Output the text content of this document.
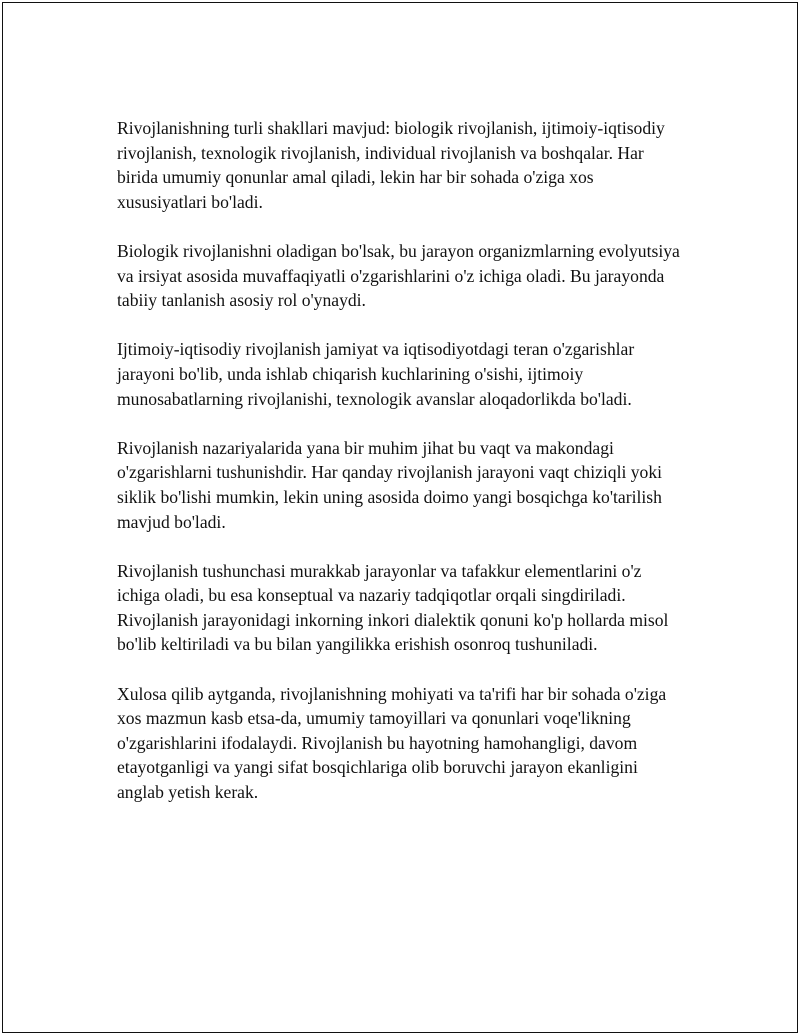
Rivojlanishning turli shakllari mavjud: biologik rivojlanish, ijtimoiy-iqtisodiy rivojlanish, texnologik rivojlanish, individual rivojlanish va boshqalar. Har birida umumiy qonunlar amal qiladi, lekin har bir sohada o'ziga xos xususiyatlari bo'ladi.

Biologik rivojlanishni oladigan bo'lsak, bu jarayon organizmlarning evolyutsiya va irsiyat asosida muvaffaqiyatli o'zgarishlarini o'z ichiga oladi. Bu jarayonda tabiiy tanlanish asosiy rol o'ynaydi.

Ijtimoiy-iqtisodiy rivojlanish jamiyat va iqtisodiyotdagi teran o'zgarishlar jarayoni bo'lib, unda ishlab chiqarish kuchlarining o'sishi, ijtimoiy munosabatlarning rivojlanishi, texnologik avanslar aloqadorlikda bo'ladi.

Rivojlanish nazariyalarida yana bir muhim jihat bu vaqt va makondagi o'zgarishlarni tushunishdir. Har qanday rivojlanish jarayoni vaqt chiziqli yoki siklik bo'lishi mumkin, lekin uning asosida doimo yangi bosqichga ko'tarilish mavjud bo'ladi.

Rivojlanish tushunchasi murakkab jarayonlar va tafakkur elementlarini o'z ichiga oladi, bu esa konseptual va nazariy tadqiqotlar orqali singdiriladi. Rivojlanish jarayonidagi inkorning inkori dialektik qonuni ko'p hollarda misol bo'lib keltiriladi va bu bilan yangilikka erishish osonroq tushuniladi.

Xulosa qilib aytganda, rivojlanishning mohiyati va ta'rifi har bir sohada o'ziga xos mazmun kasb etsa-da, umumiy tamoyillari va qonunlari voqe'likning o'zgarishlarini ifodalaydi. Rivojlanish bu hayotning hamohangligi, davom etayotganligi va yangi sifat bosqichlariga olib boruvchi jarayon ekanligini anglab yetish kerak.
